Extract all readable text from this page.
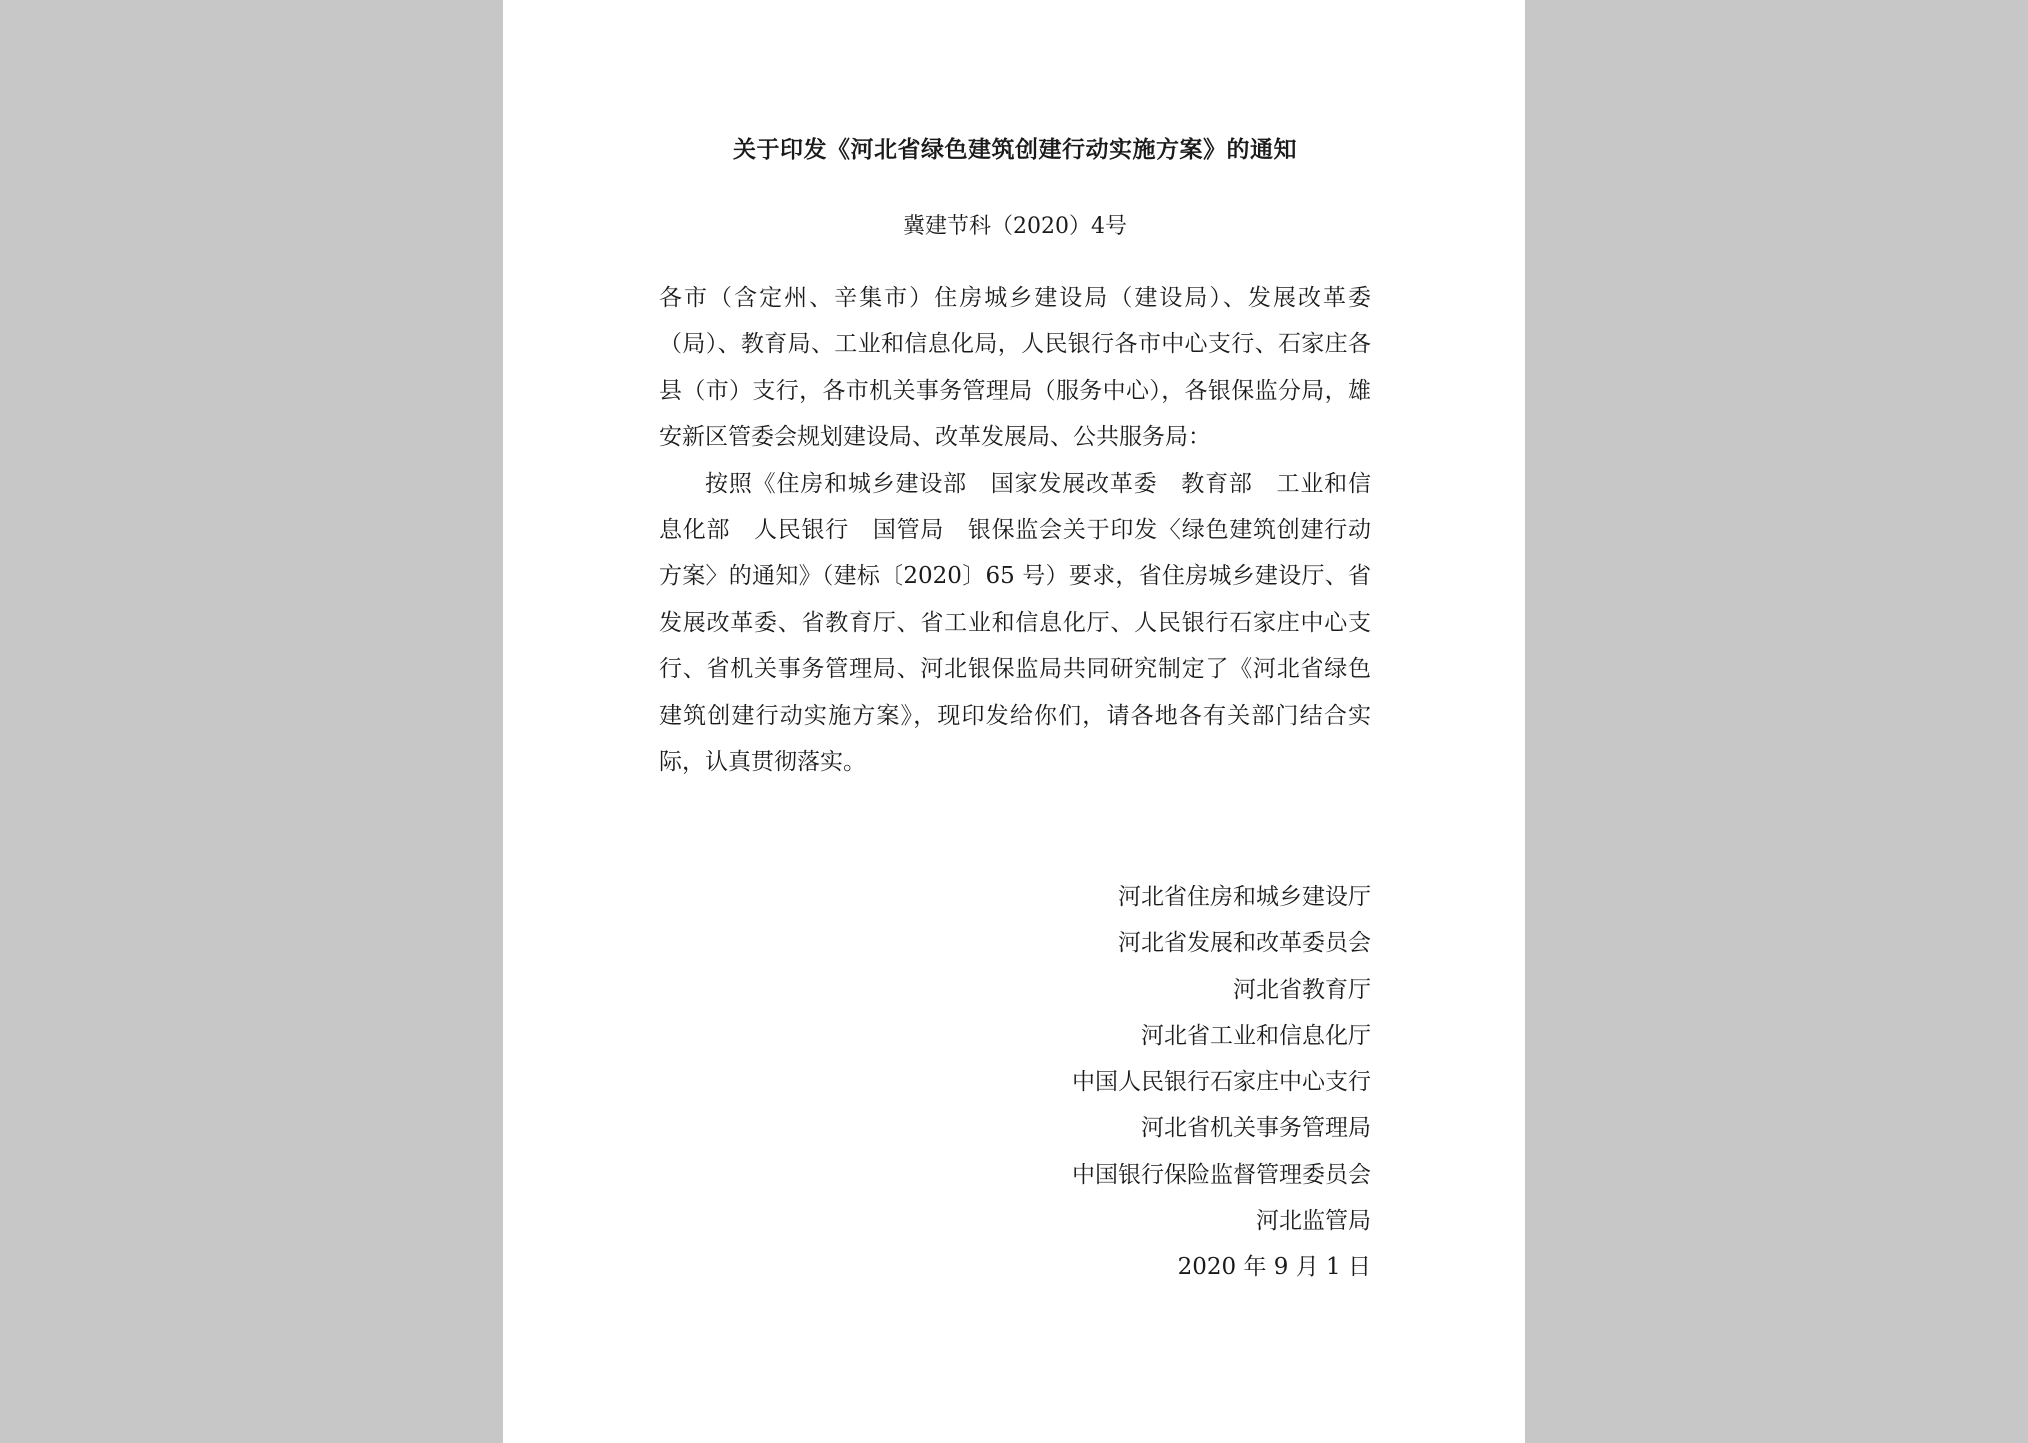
关于印发《河北省绿色建筑创建行动实施方案》的通知
冀建节科（2020）4号

各市（含定州、辛集市）住房城乡建设局（建设局）、发展改革委（局）、教育局、工业和信息化局，人民银行各市中心支行、石家庄各县（市）支行，各市机关事务管理局（服务中心），各银保监分局，雄安新区管委会规划建设局、改革发展局、公共服务局：

按照《住房和城乡建设部　国家发展改革委　教育部　工业和信息化部　人民银行　国管局　银保监会关于印发〈绿色建筑创建行动方案〉的通知》（建标〔2020〕65 号）要求，省住房城乡建设厅、省发展改革委、省教育厅、省工业和信息化厅、人民银行石家庄中心支行、省机关事务管理局、河北银保监局共同研究制定了《河北省绿色建筑创建行动实施方案》，现印发给你们，请各地各有关部门结合实际，认真贯彻落实。

河北省住房和城乡建设厅
河北省发展和改革委员会
河北省教育厅
河北省工业和信息化厅
中国人民银行石家庄中心支行
河北省机关事务管理局
中国银行保险监督管理委员会
河北监管局
2020 年 9 月 1 日
